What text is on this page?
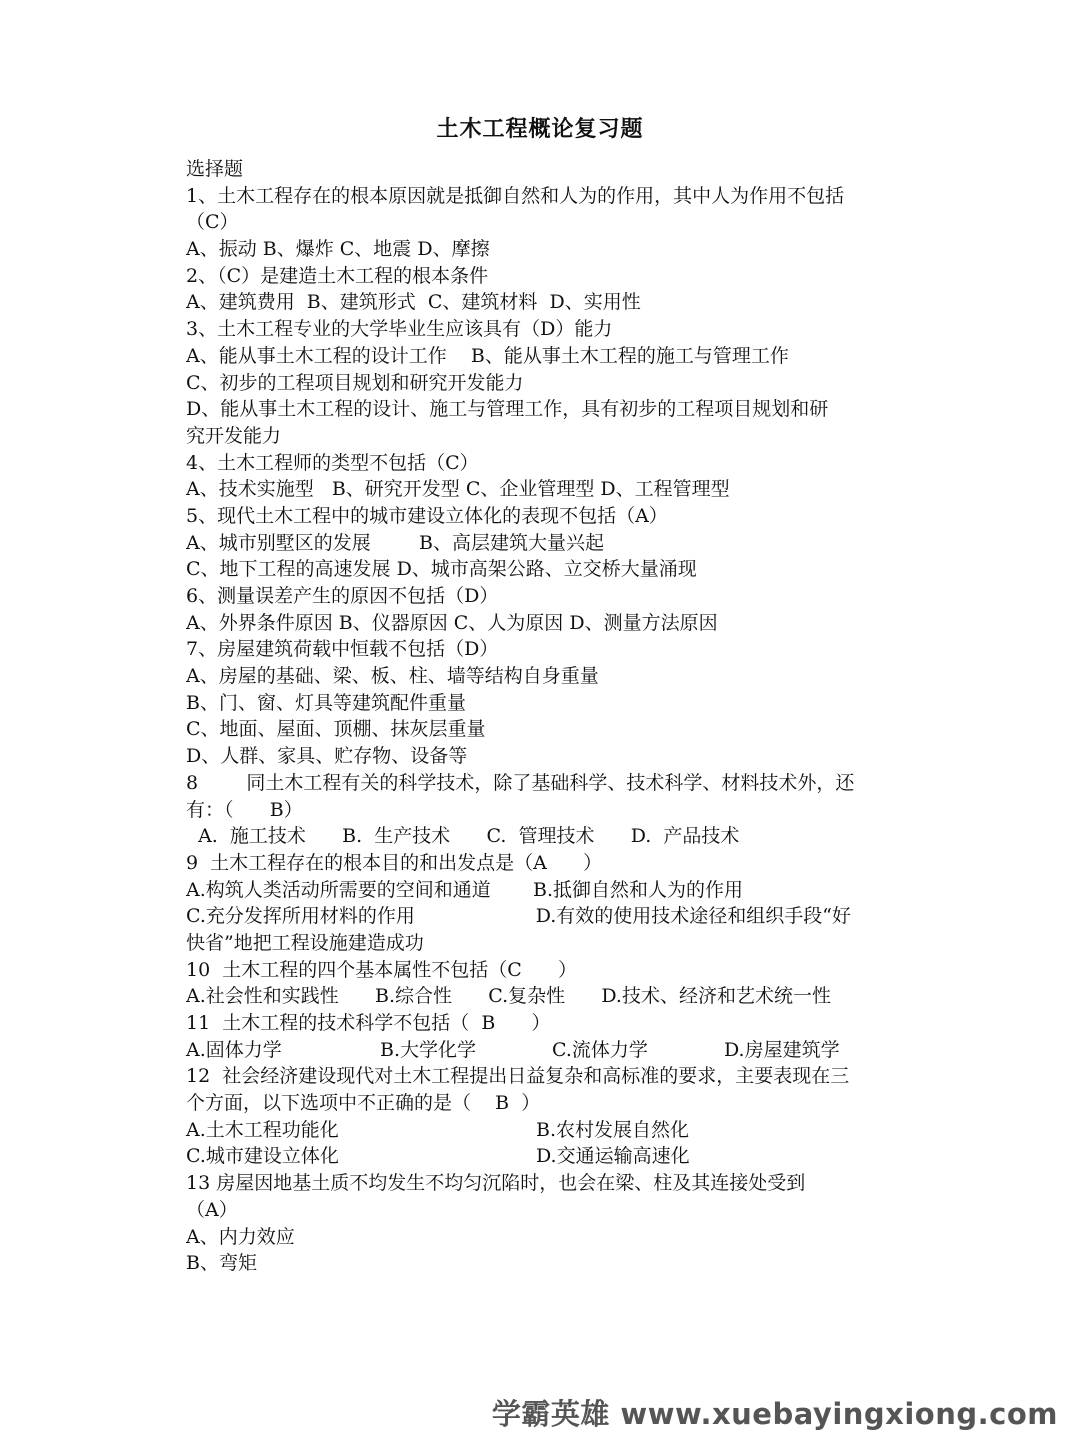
土木工程概论复习题
选择题
1、土木工程存在的根本原因就是抵御自然和人为的作用，其中人为作用不包括
（C）
A、振动 B、爆炸 C、地震 D、摩擦
2、（C）是建造土木工程的根本条件
A、建筑费用  B、建筑形式  C、建筑材料  D、实用性
3、土木工程专业的大学毕业生应该具有（D）能力
A、能从事土木工程的设计工作    B、能从事土木工程的施工与管理工作
C、初步的工程项目规划和研究开发能力
D、能从事土木工程的设计、施工与管理工作，具有初步的工程项目规划和研
究开发能力
4、土木工程师的类型不包括（C）
A、技术实施型   B、研究开发型 C、企业管理型 D、工程管理型
5、现代土木工程中的城市建设立体化的表现不包括（A）
A、城市别墅区的发展        B、高层建筑大量兴起
C、地下工程的高速发展 D、城市高架公路、立交桥大量涌现
6、测量误差产生的原因不包括（D）
A、外界条件原因 B、仪器原因 C、人为原因 D、测量方法原因
7、房屋建筑荷载中恒载不包括（D）
A、房屋的基础、梁、板、柱、墙等结构自身重量
B、门、窗、灯具等建筑配件重量
C、地面、屋面、顶棚、抹灰层重量
D、人群、家具、贮存物、设备等
8        同土木工程有关的科学技术，除了基础科学、技术科学、材料技术外，还
有：（      B）
A.  施工技术      B.  生产技术      C.  管理技术      D.  产品技术
9  土木工程存在的根本目的和出发点是（A      ）
A.构筑人类活动所需要的空间和通道       B.抵御自然和人为的作用
C.充分发挥所用材料的作用                    D.有效的使用技术途径和组织手段“好
快省”地把工程设施建造成功
10  土木工程的四个基本属性不包括（C      ）
A.社会性和实践性      B.综合性      C.复杂性      D.技术、经济和艺术统一性
11  土木工程的技术科学不包括（  B      ）
A.固体力学	B.大学化学	C.流体力学	D.房屋建筑学
12  社会经济建设现代对土木工程提出日益复杂和高标准的要求，主要表现在三
个方面，以下选项中不正确的是（    B  ）
A.土木工程功能化	B.农村发展自然化
C.城市建设立体化	D.交通运输高速化
13 房屋因地基土质不均发生不均匀沉陷时，也会在梁、柱及其连接处受到
（A）
A、内力效应
B、弯矩
学霸英雄 www.xuebayingxiong.com
